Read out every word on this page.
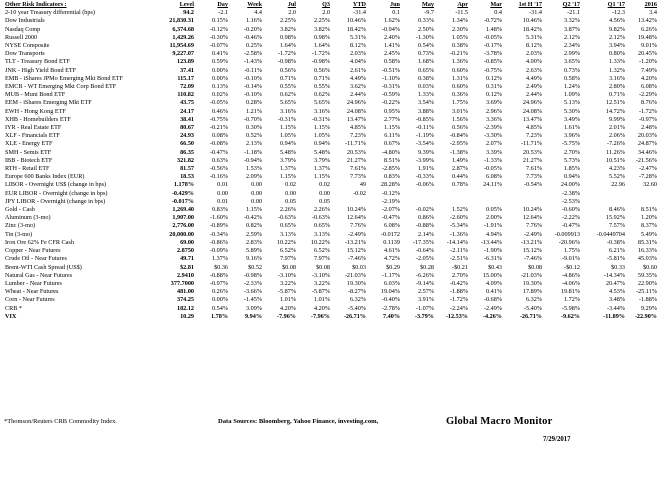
Other Risk Indicators :	Level	Day	Week	Jul	Q3	YTD	Jun	May	Apr	Mar	1st H '17	Q2 '17	Q1 '17	2016
2-10 year Treasury differential (bps)	94.2	-2.1	4.4	2.0	2.0	-31.4	0.1	-9.7	-11.5	0.4	-31.4	-21.1	-12.3	3.4
Dow Industrials	21,830.31	0.15%	1.16%	2.25%	2.25%	10.46%	1.62%	0.33%	1.34%	-0.72%	10.46%	3.32%	4.56%	13.42%
Nasdaq Comp	6,374.68	-0.12%	-0.20%	3.82%	3.82%	18.42%	-0.94%	2.50%	2.30%	1.48%	18.42%	3.87%	9.82%	6.26%
Russell 2000	1,429.26	-0.30%	-0.46%	0.98%	0.98%	5.31%	2.40%	-1.30%	1.05%	-0.05%	5.31%	2.12%	2.12%	19.48%
NYSE Composite	11,954.69	-0.07%	0.25%	1.64%	1.64%	8.12%	1.41%	0.54%	0.38%	-0.17%	8.12%	2.34%	3.94%	9.01%
Dow Transports	9,227.07	0.41%	-2.58%	-1.72%	-1.72%	2.03%	2.45%	0.73%	-0.21%	-3.78%	2.03%	2.99%	0.80%	20.45%
TLT - Treasury Bond ETF	123.89	0.59%	-1.43%	-0.98%	-0.98%	4.04%	0.58%	1.68%	1.36%	-0.85%	4.00%	3.65%	1.33%	-1.20%
JNK - High Yield Bond ETF	37.41	0.00%	-0.11%	0.56%	0.56%	2.61%	-0.51%	0.65%	0.60%	-0.75%	2.63%	0.73%	1.32%	7.49%
EMB - iShares JPMo Emerging Mkt Bond ETF	115.17	0.00%	-0.10%	0.71%	0.71%	4.49%	-1.10%	0.38%	1.31%	0.12%	4.49%	0.58%	3.16%	4.20%
EMCB - WT Emerging Mkt Corp Bond ETF	72.09	0.13%	-0.14%	0.55%	0.55%	3.62%	-0.31%	0.03%	0.60%	0.31%	2.49%	1.24%	2.80%	6.08%
MUB - Muni Bond ETF	110.82	0.02%	-0.10%	0.62%	0.62%	2.44%	-0.59%	1.33%	0.36%	0.12%	2.44%	1.09%	0.71%	-2.29%
EEM - iShares Emerging Mkt ETF	43.75	-0.05%	0.28%	5.65%	5.65%	24.96%	-0.22%	3.54%	1.75%	3.69%	24.96%	5.13%	12.51%	8.76%
EWH - Hong Kong ETF	24.17	0.46%	1.21%	3.16%	3.16%	24.08%	0.95%	3.88%	3.01%	2.96%	24.08%	5.30%	14.72%	-1.72%
XHB - Homebuilders ETF	38.41	-0.75%	-0.70%	-0.31%	-0.31%	13.47%	2.77%	-0.85%	1.56%	3.36%	13.47%	3.49%	9.99%	-0.97%
IYR - Real Estate ETF	80.67	-0.21%	0.30%	1.15%	1.15%	4.85%	1.15%	-0.11%	0.56%	-2.39%	4.85%	1.61%	2.01%	2.48%
XLF - Financials ETF	24.93	0.08%	0.52%	1.05%	1.05%	7.23%	6.11%	-1.19%	-0.84%	-3.30%	7.23%	3.96%	2.06%	20.03%
XLE - Energy ETF	66.50	-0.08%	2.13%	0.94%	0.94%	-11.71%	0.67%	-3.54%	-2.95%	2.07%	-11.71%	-5.75%	-7.26%	24.87%
SMH - Semis ETF	86.35	-0.47%	-1.18%	5.48%	5.48%	20.53%	-4.80%	9.39%	-1.38%	3.39%	20.53%	2.70%	11.26%	34.46%
IBB - Biotech ETF	321.82	0.63%	-0.94%	3.79%	3.79%	21.27%	8.51%	-3.99%	1.49%	-1.33%	21.27%	5.73%	10.51%	-21.56%
RTH - Retail ETF	81.57	-0.56%	1.53%	1.37%	1.37%	7.61%	-2.85%	1.91%	2.87%	-0.05%	7.61%	1.85%	4.23%	-2.47%
Europe 600 Banks Index (EUR)	18.53	-0.16%	2.09%	1.15%	1.15%	7.73%	0.83%	-0.33%	0.44%	6.08%	7.73%	0.94%	5.52%	-7.28%
LIBOR - Overnight US$ (change in bps)	1.178%	0.01	0.00	0.02	0.02	49	28.28%	-0.06%	0.78%	24.11%	-0.54%	24.00%	22.96	32.60
EUR LIBOR - Overnight (change in bps)	-0.429%	0.00	0.00	0.00	0.00	-0.02	-0.12%					-2.38%		
JPY LIBOR - Overnight (change in bps)	-0.017%	0.01	0.00	0.05	0.05		-2.19%					-2.53%		
Gold - Cash	1,269.40	0.83%	1.15%	2.26%	2.26%	10.24%	-2.07%	-0.02%	1.52%	0.05%	10.24%	-0.60%	8.46%	8.51%
Aluminum (3-mo)	1,907.00	-1.60%	-0.42%	-0.63%	-0.63%	12.64%	-0.47%	0.86%	-2.60%	2.00%	12.64%	-2.22%	15.92%	1.20%
Zinc (3-mo)	2,776.00	-0.89%	0.82%	0.65%	0.65%	7.76%	6.08%	-0.88%	-5.34%	-1.91%	7.76%	-0.47%	7.57%	8.37%
Tin (3-mo)	20,000.00	-0.34%	2.59%	3.13%	3.13%	-2.49%	-0.0172	2.14%	-1.36%	4.94%	-2.49%	-0.009913	-0.0449704	5.49%
Iron Ore 62% Fe CFR Cash	69.00	-0.86%	2.83%	10.22%	10.22%	-13.21%	0.1139	-17.35%	-14.14%	-13.44%	-13.21%	-20.96%	-0.38%	85.31%
Copper - Near Futures	2.8750	-0.09%	5.89%	6.52%	6.52%	15.12%	4.61%	-0.64%	-2.11%	-1.90%	15.12%	1.75%	6.21%	16.33%
Crude Oil - Near Futures	49.71	1.37%	9.16%	7.97%	7.97%	-7.46%	4.72%	-2.05%	-2.51%	-6.31%	-7.46%	-9.01%	-5.81%	45.03%
Brent-WTI Cash Spread (US$)	$2.81	$0.36	$0.52	$0.08	$0.08	$0.03	$0.29	$0.28	-$0.21	$0.43	$0.08	-$0.12	$0.33	$0.60
Natural Gas - Near Futures	2.9410	-0.88%	-0.98%	-3.10%	-3.10%	-21.03%	-1.17%	-6.26%	2.70%	15.00%	-21.03%	-4.86%	-14.34%	59.35%
Lumber - Near Futures	377.7000	-0.97%	-2.33%	3.22%	3.22%	19.30%	6.03%	-9.14%	-0.42%	4.09%	19.30%	-4.06%	20.47%	22.90%
Wheat - Near Futures	481.00	0.26%	-3.66%	-5.87%	-5.87%	-8.27%	19.04%	2.57%	-1.88%	0.41%	17.89%	19.81%	4.53%	-25.11%
Corn - Near Futures	374.25	0.00%	-1.45%	1.01%	1.01%	6.32%	-0.40%	3.91%	-1.72%	-0.68%	6.32%	1.72%	3.48%	-1.88%
CRB *	182.12	0.54%	3.09%	4.20%	4.20%	-5.40%	-2.78%	-1.07%	-2.24%	-2.49%	-5.40%	-5.98%	-3.44%	9.29%
VIX	10.29	1.78%	9.94%	-7.96%	-7.96%	-26.71%	7.40%	-3.79%	-12.53%	-4.26%	-26.71%	-9.62%	-11.89%	-22.90%
*Thomson/Reuters CRB Commodity Index.	Data Sources: Bloomberg, Yahoo Finance, investing.com,	Global Macro Monitor
7/29/2017
